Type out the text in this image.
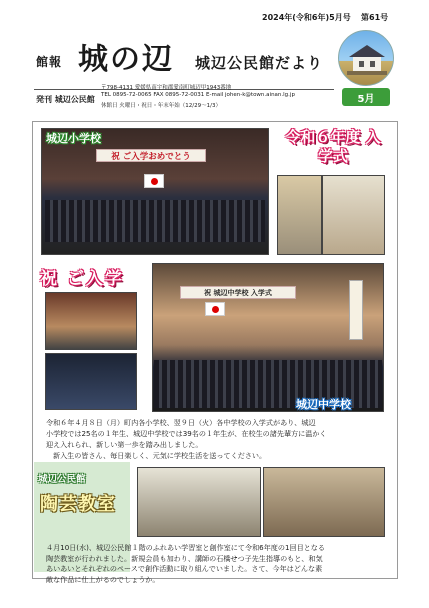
2024年(令和6年)5月号 第61号
館報 城の辺 城辺公民館だより
発刊 城辺公民館
〒798-4131 愛媛県南宇和郡愛南町城辺甲1943番地
TEL 0895-72-0065 FAX 0895-72-0031 E-mail johen-k@town.ainan.lg.jp
休館日 火曜日・祝日・年末年始（12/29～1/3）
5月
祝 ご入学おめでとう
城辺小学校	令和６年度 入学式
祝 ご入学
祝 城辺中学校 入学式
城辺中学校

令和６年４月８日（月）町内各小学校、翌９日（火）各中学校の入学式があり、城辺

小学校では25名の１年生、城辺中学校では39名の１年生が、在校生の諸先輩方に温かく

迎え入れられ、新しい第一歩を踏み出しました。

新入生の皆さん、毎日楽しく、元気に学校生活を送ってください。

城辺公民館
陶芸教室

４月10日(水)、城辺公民館１階のふれあい学習室と創作室にて令和6年度の1回目となる

陶芸教室が行われました。新規会員も加わり、講師の石橋せつ子先生指導のもと、和気

あいあいとそれぞれのペースで創作活動に取り組んでいました。さて、今年はどんな素

敵な作品に仕上がるのでしょうか。
